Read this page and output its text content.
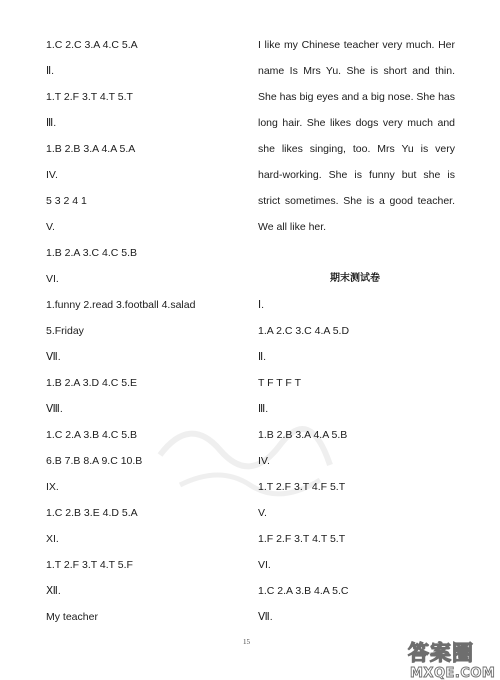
1.C 2.C 3.A 4.C 5.A
Ⅱ.
1.T 2.F 3.T 4.T 5.T
Ⅲ.
1.B 2.B 3.A 4.A 5.A
IV.
5 3 2 4 1
V.
1.B 2.A 3.C 4.C 5.B
VI.
1.funny 2.read 3.football 4.salad
5.Friday
Ⅶ.
1.B 2.A 3.D 4.C 5.E
Ⅷ.
1.C 2.A 3.B 4.C 5.B
6.B 7.B 8.A 9.C 10.B
IX.
1.C 2.B 3.E 4.D 5.A
XI.
1.T 2.F 3.T 4.T 5.F
Ⅻ.
My teacher
I like my Chinese teacher very much. Her
name Is Mrs Yu. She is short and thin.
She has big eyes and a big nose. She has
long hair. She likes dogs very much and
she likes singing, too. Mrs Yu is very
hard-working. She is funny but she is
strict sometimes. She is a good teacher.
We all like her.
期末测试卷
Ⅰ.
1.A 2.C 3.C 4.A 5.D
Ⅱ.
T F T F T
Ⅲ.
1.B 2.B 3.A 4.A 5.B
IV.
1.T 2.F 3.T 4.F 5.T
V.
1.F 2.F 3.T 4.T 5.T
VI.
1.C 2.A 3.B 4.A 5.C
Ⅶ.
15	答案圈
MXQE.COM
